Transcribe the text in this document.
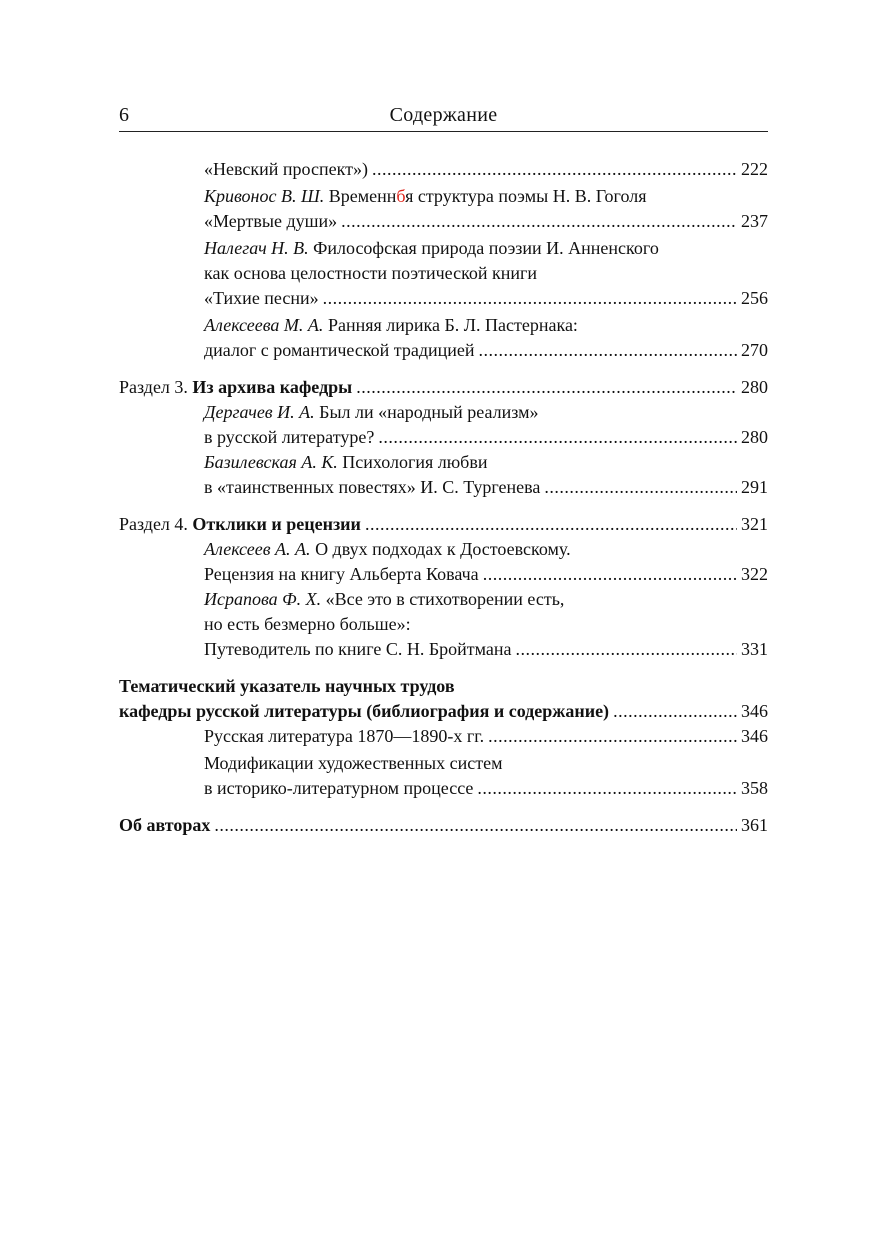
6	Содержание
«Невский проспект») .....	222
Кривонос В. Ш. Временнбя структура поэмы Н. В. Гоголя
«Мертвые души» .....	237
Налегач Н. В. Философская природа поэзии И. Анненского
как основа целостности поэтической книги
«Тихие песни» .....	256
Алексеева М. А. Ранняя лирика Б. Л. Пастернака:
диалог с романтической традицией .....	270
Раздел 3.
Из архива кафедры .....	280
Дергачев И. А. Был ли «народный реализм»
в русской литературе? .....	280
Базилевская А. К. Психология любви
в «таинственных повестях» И. С. Тургенева .....	291
Раздел 4.
Отклики и рецензии .....	321
Алексеев А. А. О двух подходах к Достоевскому.
Рецензия на книгу Альберта Ковача .....	322
Исрапова Ф. Х. «Все это в стихотворении есть,
но есть безмерно больше»:
Путеводитель по книге С. Н. Бройтмана .....	331
Тематический указатель научных трудов
кафедры русской литературы (библиография и содержание) .....	346
Русская литература 1870—1890-х гг. .....	346
Модификации художественных систем
в историко-литературном процессе .....	358
Об авторах .....	361
